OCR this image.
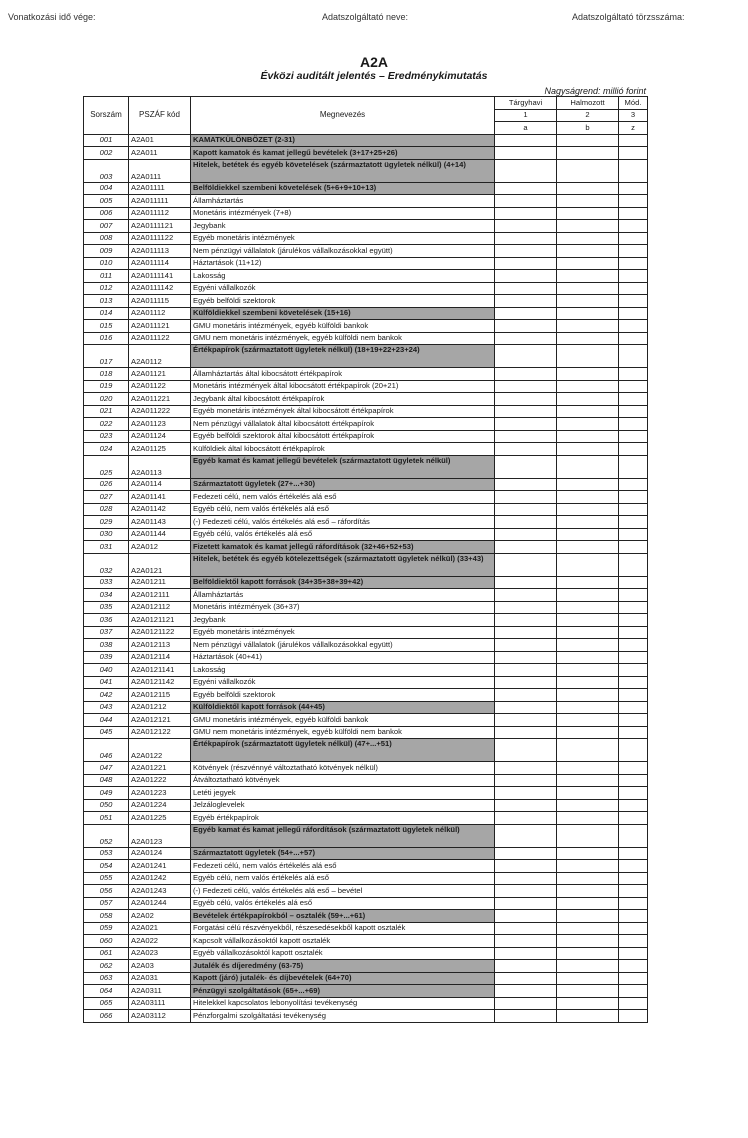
Vonatkozási idő vége:	Adatszolgáltató neve:	Adatszolgáltató törzsszáma:
A2A
Évközi auditált jelentés – Eredménykimutatás
Nagyságrend: millió forint
Sorszám	PSZÁF kód	Megnevezés	Tárgyhavi	Halmozott	Mód.
			1	2	3
			a	b	z
001	A2A01	KAMATKÜLÖNBÖZET (2-31)			
002	A2A011	Kapott kamatok és kamat jellegű bevételek (3+17+25+26)			
003	A2A0111	Hitelek, betétek és egyéb követelések (származtatott ügyletek nélkül) (4+14)			
004	A2A01111	Belföldiekkel szembeni követelések (5+6+9+10+13)			
005	A2A011111	Államháztartás			
006	A2A011112	Monetáris intézmények (7+8)			
007	A2A0111121	Jegybank			
008	A2A0111122	Egyéb monetáris intézmények			
009	A2A011113	Nem pénzügyi vállalatok (járulékos vállalkozásokkal együtt)			
010	A2A011114	Háztartások (11+12)			
011	A2A0111141	Lakosság			
012	A2A0111142	Egyéni vállalkozók			
013	A2A011115	Egyéb belföldi szektorok			
014	A2A01112	Külföldiekkel szembeni követelések (15+16)			
015	A2A011121	GMU monetáris intézmények, egyéb külföldi bankok			
016	A2A011122	GMU nem monetáris intézmények, egyéb külföldi nem bankok			
017	A2A0112	Értékpapírok (származtatott ügyletek nélkül) (18+19+22+23+24)			
018	A2A01121	Államháztartás által kibocsátott értékpapírok			
019	A2A01122	Monetáris intézmények által kibocsátott értékpapírok (20+21)			
020	A2A011221	Jegybank által kibocsátott értékpapírok			
021	A2A011222	Egyéb monetáris intézmények által kibocsátott értékpapírok			
022	A2A01123	Nem pénzügyi vállalatok által kibocsátott értékpapírok			
023	A2A01124	Egyéb belföldi szektorok által kibocsátott értékpapírok			
024	A2A01125	Külföldiek által kibocsátott értékpapírok			
025	A2A0113	Egyéb kamat és kamat jellegű bevételek (származtatott ügyletek nélkül)			
026	A2A0114	Származtatott ügyletek (27+...+30)			
027	A2A01141	Fedezeti célú, nem valós értékelés alá eső			
028	A2A01142	Egyéb célú, nem valós értékelés alá eső			
029	A2A01143	(-) Fedezeti célú, valós értékelés alá eső – ráfordítás			
030	A2A01144	Egyéb célú, valós értékelés alá eső			
031	A2A012	Fizetett kamatok és kamat jellegű ráfordítások (32+46+52+53)			
032	A2A0121	Hitelek, betétek és egyéb kötelezettségek (származtatott ügyletek nélkül) (33+43)			
033	A2A01211	Belföldiektől kapott források (34+35+38+39+42)			
034	A2A012111	Államháztartás			
035	A2A012112	Monetáris intézmények (36+37)			
036	A2A0121121	Jegybank			
037	A2A0121122	Egyéb monetáris intézmények			
038	A2A012113	Nem pénzügyi vállalatok (járulékos vállalkozásokkal együtt)			
039	A2A012114	Háztartások (40+41)			
040	A2A0121141	Lakosság			
041	A2A0121142	Egyéni vállalkozók			
042	A2A012115	Egyéb belföldi szektorok			
043	A2A01212	Külföldiektől kapott források (44+45)			
044	A2A012121	GMU monetáris intézmények, egyéb külföldi bankok			
045	A2A012122	GMU nem monetáris intézmények, egyéb külföldi nem bankok			
046	A2A0122	Értékpapírok (származtatott ügyletek nélkül) (47+...+51)			
047	A2A01221	Kötvények (részvénnyé változtatható kötvények nélkül)			
048	A2A01222	Átváltoztatható kötvények			
049	A2A01223	Letéti jegyek			
050	A2A01224	Jelzáloglevelek			
051	A2A01225	Egyéb értékpapírok			
052	A2A0123	Egyéb kamat és kamat jellegű ráfordítások (származtatott ügyletek nélkül)			
053	A2A0124	Származtatott ügyletek (54+...+57)			
054	A2A01241	Fedezeti célú, nem valós értékelés alá eső			
055	A2A01242	Egyéb célú, nem valós értékelés alá eső			
056	A2A01243	(-) Fedezeti célú, valós értékelés alá eső – bevétel			
057	A2A01244	Egyéb célú, valós értékelés alá eső			
058	A2A02	Bevételek értékpapírokból – osztalék (59+...+61)			
059	A2A021	Forgatási célú részvényekből, részesedésekből kapott osztalék			
060	A2A022	Kapcsolt vállalkozásoktól kapott osztalék			
061	A2A023	Egyéb vállalkozásoktól kapott osztalék			
062	A2A03	Jutalék és díjeredmény (63-75)			
063	A2A031	Kapott (járó) jutalék- és díjbevételek (64+70)			
064	A2A0311	Pénzügyi szolgáltatások (65+...+69)			
065	A2A03111	Hitelekkel kapcsolatos lebonyolítási tevékenység			
066	A2A03112	Pénzforgalmi szolgáltatási tevékenység			
